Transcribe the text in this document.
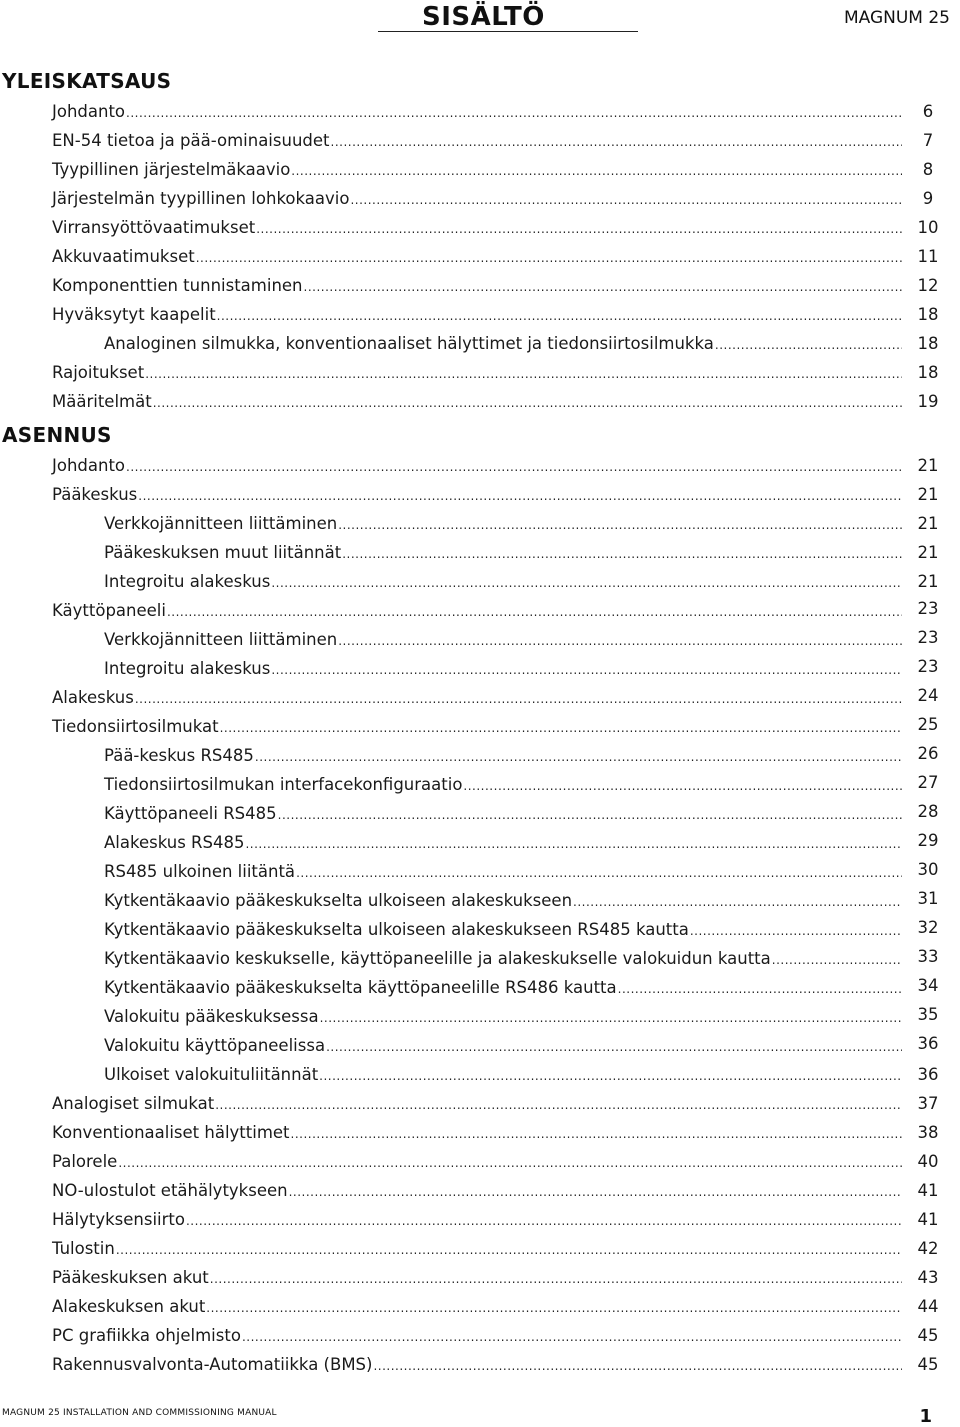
SISÄLTÖ	MAGNUM 25
YLEISKATSAUS
ASENNUS
Johdanto .....	6
EN-54 tietoa ja pää-ominaisuudet .....	7
Tyypillinen järjestelmäkaavio .....	8
Järjestelmän tyypillinen lohkokaavio .....	9
Virransyöttövaatimukset .....	10
Akkuvaatimukset .....	11
Komponenttien tunnistaminen .....	12
Hyväksytyt kaapelit .....	18
Analoginen silmukka, konventionaaliset hälyttimet ja tiedonsiirtosilmukka .....	18
Rajoitukset .....	18
Määritelmät .....	19
Johdanto .....	21
Pääkeskus .....	21
Verkkojännitteen liittäminen .....	21
Pääkeskuksen muut liitännät .....	21
Integroitu alakeskus .....	21
Käyttöpaneeli .....	23
Verkkojännitteen liittäminen .....	23
Integroitu alakeskus .....	23
Alakeskus .....	24
Tiedonsiirtosilmukat .....	25
Pää-keskus RS485 .....	26
Tiedonsiirtosilmukan interfacekonfiguraatio .....	27
Käyttöpaneeli RS485 .....	28
Alakeskus RS485 .....	29
RS485 ulkoinen liitäntä .....	30
Kytkentäkaavio pääkeskukselta ulkoiseen alakeskukseen .....	31
Kytkentäkaavio pääkeskukselta ulkoiseen alakeskukseen RS485 kautta .....	32
Kytkentäkaavio keskukselle, käyttöpaneelille ja alakeskukselle valokuidun kautta .....	33
Kytkentäkaavio pääkeskukselta käyttöpaneelille RS486 kautta .....	34
Valokuitu pääkeskuksessa .....	35
Valokuitu käyttöpaneelissa .....	36
Ulkoiset valokuituliitännät .....	36
Analogiset silmukat .....	37
Konventionaaliset hälyttimet .....	38
Palorele .....	40
NO-ulostulot etähälytykseen .....	41
Hälytyksensiirto .....	41
Tulostin .....	42
Pääkeskuksen akut .....	43
Alakeskuksen akut .....	44
PC grafiikka ohjelmisto .....	45
Rakennusvalvonta-Automatiikka (BMS) .....	45
MAGNUM 25 INSTALLATION AND COMMISSIONING MANUAL	1
